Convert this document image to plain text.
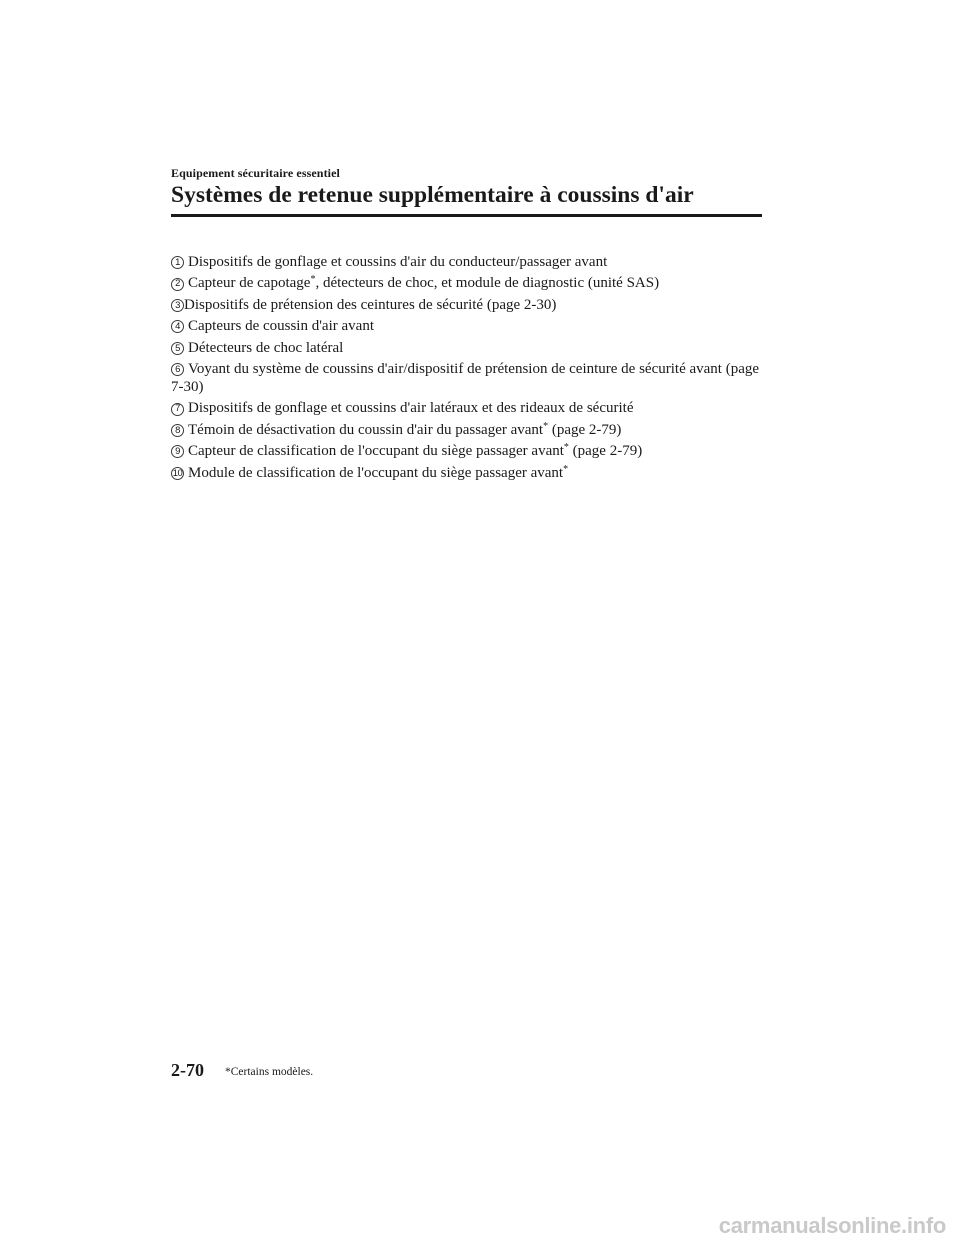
Equipement sécuritaire essentiel
Systèmes de retenue supplémentaire à coussins d'air
1 Dispositifs de gonflage et coussins d'air du conducteur/passager avant
2 Capteur de capotage*, détecteurs de choc, et module de diagnostic (unité SAS)
3 Dispositifs de prétension des ceintures de sécurité (page 2-30)
4 Capteurs de coussin d'air avant
5 Détecteurs de choc latéral
6 Voyant du système de coussins d'air/dispositif de prétension de ceinture de sécurité avant (page 7-30)
7 Dispositifs de gonflage et coussins d'air latéraux et des rideaux de sécurité
8 Témoin de désactivation du coussin d'air du passager avant* (page 2-79)
9 Capteur de classification de l'occupant du siège passager avant* (page 2-79)
10 Module de classification de l'occupant du siège passager avant*
2-70 *Certains modèles.
carmanualsonline.info
